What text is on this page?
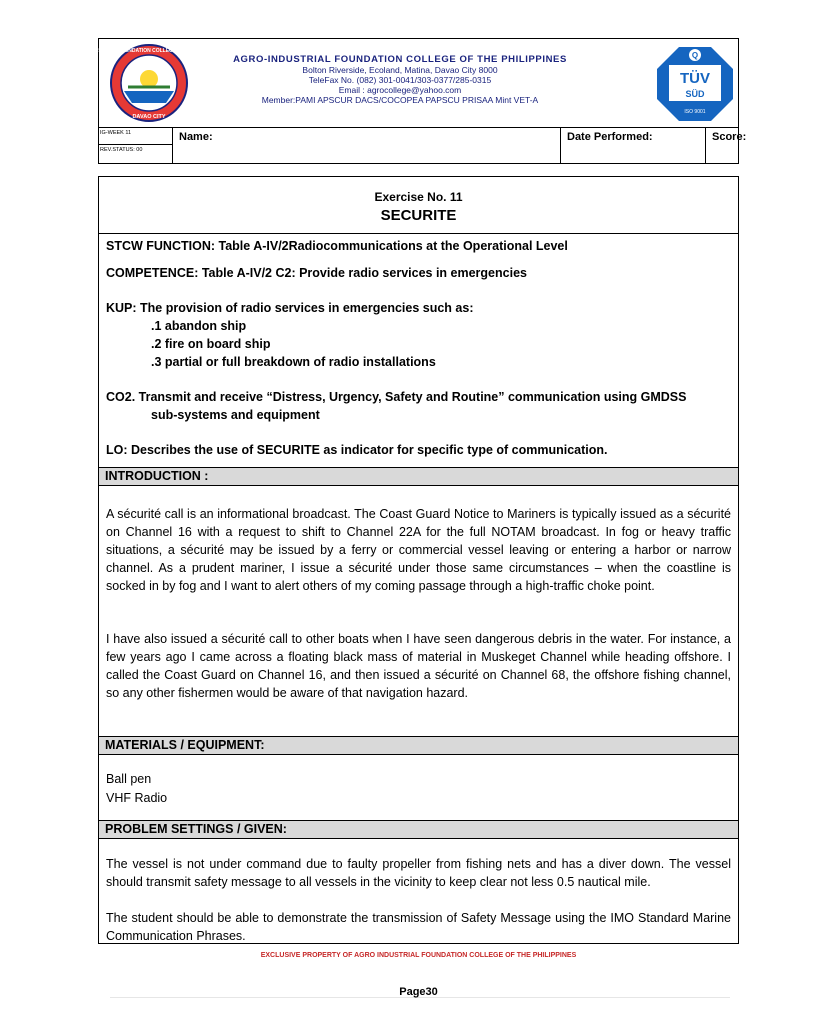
AGRO-INDUSTRIAL FOUNDATION COLLEGE OF THE PHILIPPINES
DAVAO CITY
AGRO-INDUSTRIAL FOUNDATION COLLEGE OF THE PHILIPPINES
Bolton Riverside, Ecoland, Matina, Davao City 8000
TeleFax No. (082) 301-0041/303-0377/285-0315
Email : agrocollege@yahoo.com
Member:PAMI APSCUR DACS/COCOPEA PAPSCU PRISAA Mint VET-A
Q
TÜV
SÜD
ISO 9001
IG-WEEK 11
REV.STATUS: 00
Name:	Date Performed:	Score:
Exercise No. 11
SECURITE
STCW FUNCTION: Table A-IV/2Radiocommunications at the Operational Level
COMPETENCE: Table A-IV/2 C2: Provide radio services in emergencies
KUP: The provision of radio services in emergencies such as:
.1 abandon ship
.2 fire on board ship
.3 partial or full breakdown of radio installations
CO2. Transmit and receive “Distress, Urgency, Safety and Routine” communication using GMDSS
sub-systems and equipment
LO: Describes the use of SECURITE as indicator for specific type of communication.
INTRODUCTION :
A sécurité call is an informational broadcast. The Coast Guard Notice to Mariners is typically issued as a sécurité on Channel 16 with a request to shift to Channel 22A for the full NOTAM broadcast. In fog or heavy traffic situations, a sécurité may be issued by a ferry or commercial vessel leaving or entering a harbor or narrow channel. As a prudent mariner, I issue a sécurité under those same circumstances – when the coastline is socked in by fog and I want to alert others of my coming passage through a high-traffic choke point.
I have also issued a sécurité call to other boats when I have seen dangerous debris in the water. For instance, a few years ago I came across a floating black mass of material in Muskeget Channel while heading offshore. I called the Coast Guard on Channel 16, and then issued a sécurité on Channel 68, the offshore fishing channel, so any other fishermen would be aware of that navigation hazard.
MATERIALS / EQUIPMENT:
Ball pen
VHF Radio
PROBLEM SETTINGS / GIVEN:
The vessel is not under command due to faulty propeller from fishing nets and has a diver down. The vessel should transmit safety message to all vessels in the vicinity to keep clear not less 0.5 nautical mile.
The student should be able to demonstrate the transmission of Safety Message using the IMO Standard Marine Communication Phrases.
EXCLUSIVE PROPERTY OF AGRO INDUSTRIAL FOUNDATION COLLEGE OF THE PHILIPPINES
Page30
